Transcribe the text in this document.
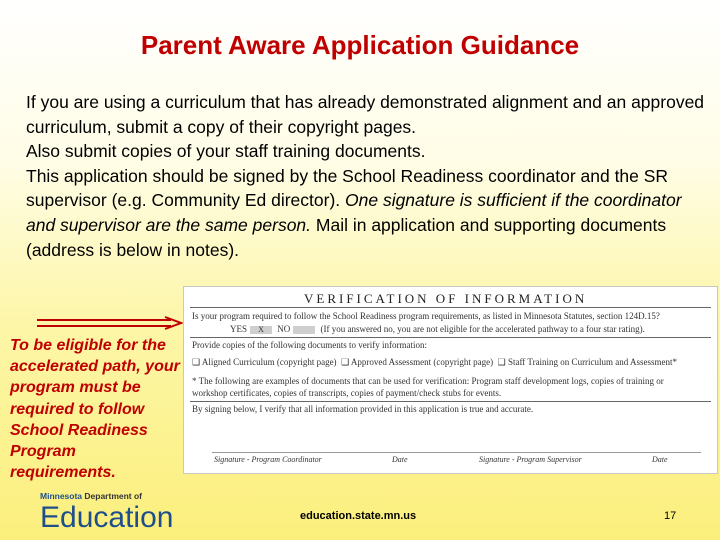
Parent Aware Application Guidance

If you are using a curriculum that has already demonstrated alignment and an approved curriculum, submit a copy of their copyright pages.

Also submit copies of your staff training documents.

This application should be signed by the School Readiness coordinator and the SR supervisor (e.g. Community Ed director). One signature is sufficient if the coordinator and supervisor are the same person. Mail in application and supporting documents (address is below in notes).

To be eligible for the accelerated path, your program must be required to follow School Readiness Program requirements.
VERIFICATION OF INFORMATION
Is your program required to follow the School Readiness program requirements, as listed in Minnesota Statutes, section 124D.15?
YES X NO	(If you answered no, you are not eligible for the accelerated pathway to a four star rating).
Provide copies of the following documents to verify information:
❑ Aligned Curriculum (copyright page) ❑ Approved Assessment (copyright page) ❑ Staff Training on Curriculum and Assessment*
* The following are examples of documents that can be used for verification: Program staff development logs, copies of training or
workshop certificates, copies of transcripts, copies of payment/check stubs for events.
By signing below, I verify that all information provided in this application is true and accurate.
Signature - Program Coordinator	Date	Signature - Program Supervisor	Date
Minnesota Department of
Education	education.state.mn.us	17
